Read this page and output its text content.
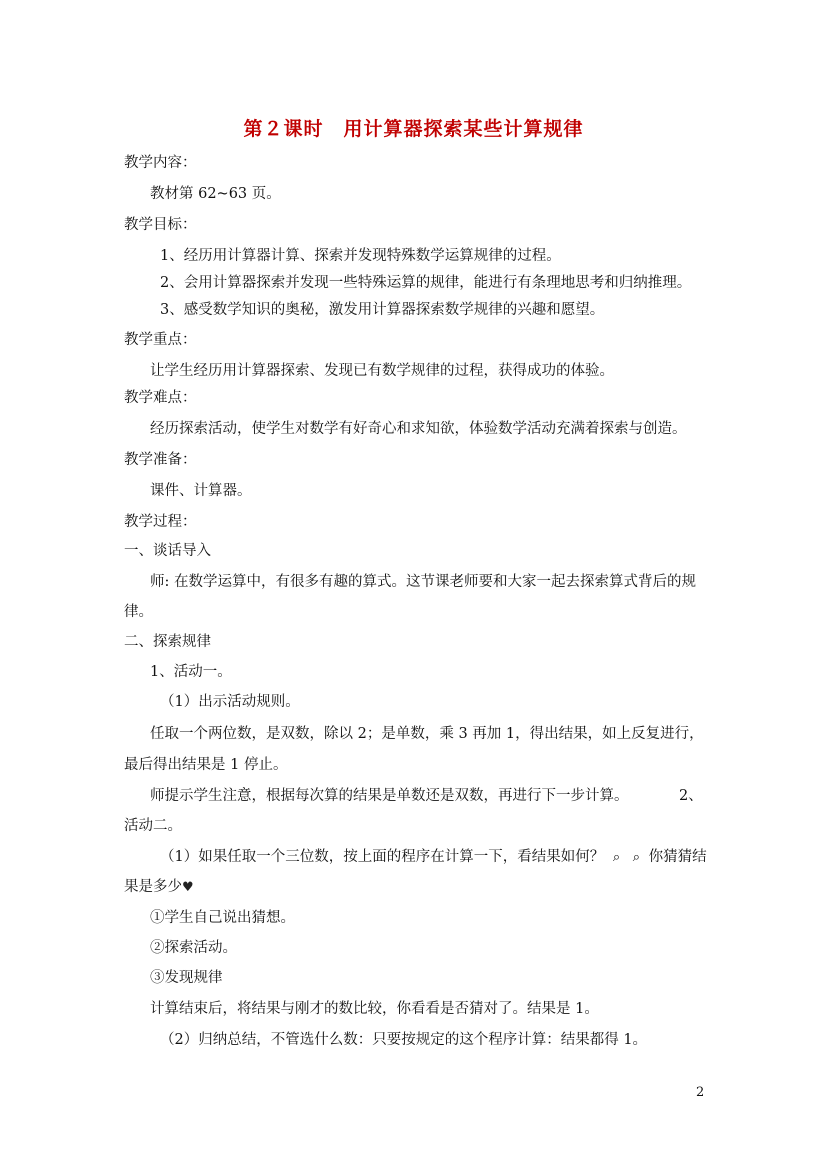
第２课时　用计算器探索某些计算规律
教学内容：
教材第 62~63 页。
教学目标：
1、经历用计算器计算、探索并发现特殊数学运算规律的过程。
2、会用计算器探索并发现一些特殊运算的规律，能进行有条理地思考和归纳推理。
3、感受数学知识的奥秘，激发用计算器探索数学规律的兴趣和愿望。
教学重点：
让学生经历用计算器探索、发现已有数学规律的过程，获得成功的体验。
教学难点：
经历探索活动，使学生对数学有好奇心和求知欲，体验数学活动充满着探索与创造。
教学准备：
课件、计算器。
教学过程：
一、谈话导入
师: 在数学运算中，有很多有趣的算式。这节课老师要和大家一起去探索算式背后的规
律。
二、探索规律
1、活动一。
（1）出示活动规则。
任取一个两位数，是双数，除以 2；是单数，乘 3 再加 1，得出结果，如上反复进行，
最后得出结果是 1 停止。
师提示学生注意，根据每次算的结果是单数还是双数，再进行下一步计算。	2、
活动二。
（1）如果任取一个三位数，按上面的程序在计算一下，看结果如何？ ⌕ ⌕ 你猜猜结
果是多少♥
①学生自己说出猜想。
②探索活动。
③发现规律
计算结束后，将结果与刚才的数比较，你看看是否猜对了。结果是 1。
（2）归纳总结，不管选什么数：只要按规定的这个程序计算：结果都得 1。
2
